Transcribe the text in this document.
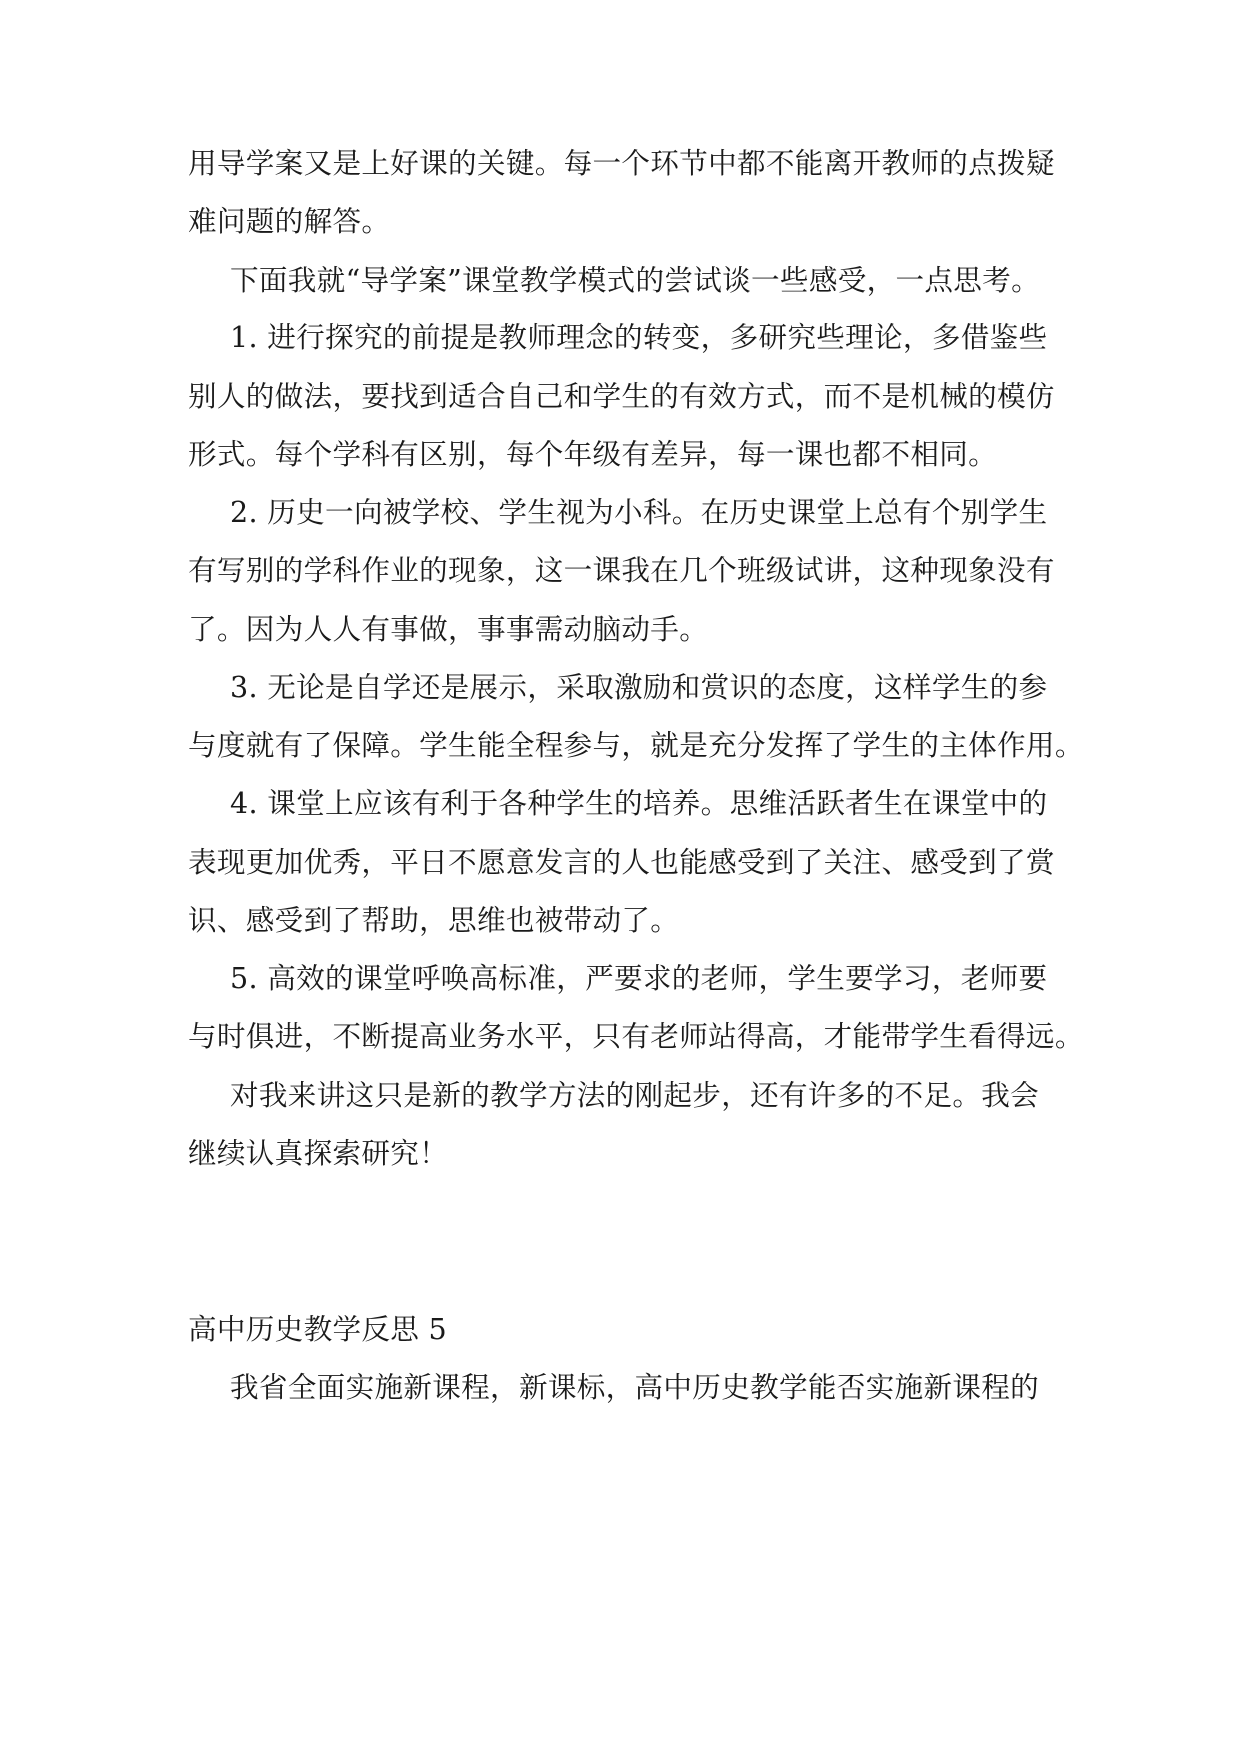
用导学案又是上好课的关键。每一个环节中都不能离开教师的点拨疑
难问题的解答。
下面我就“导学案”课堂教学模式的尝试谈一些感受，一点思考。
1. 进行探究的前提是教师理念的转变，多研究些理论，多借鉴些
别人的做法，要找到适合自己和学生的有效方式，而不是机械的模仿
形式。每个学科有区别，每个年级有差异，每一课也都不相同。
2. 历史一向被学校、学生视为小科。在历史课堂上总有个别学生
有写别的学科作业的现象，这一课我在几个班级试讲，这种现象没有
了。因为人人有事做，事事需动脑动手。
3. 无论是自学还是展示，采取激励和赏识的态度，这样学生的参
与度就有了保障。学生能全程参与，就是充分发挥了学生的主体作用。
4. 课堂上应该有利于各种学生的培养。思维活跃者生在课堂中的
表现更加优秀，平日不愿意发言的人也能感受到了关注、感受到了赏
识、感受到了帮助，思维也被带动了。
5. 高效的课堂呼唤高标准，严要求的老师，学生要学习，老师要
与时俱进，不断提高业务水平，只有老师站得高，才能带学生看得远。
对我来讲这只是新的教学方法的刚起步，还有许多的不足。我会
继续认真探索研究！
高中历史教学反思 5
我省全面实施新课程，新课标，高中历史教学能否实施新课程的
